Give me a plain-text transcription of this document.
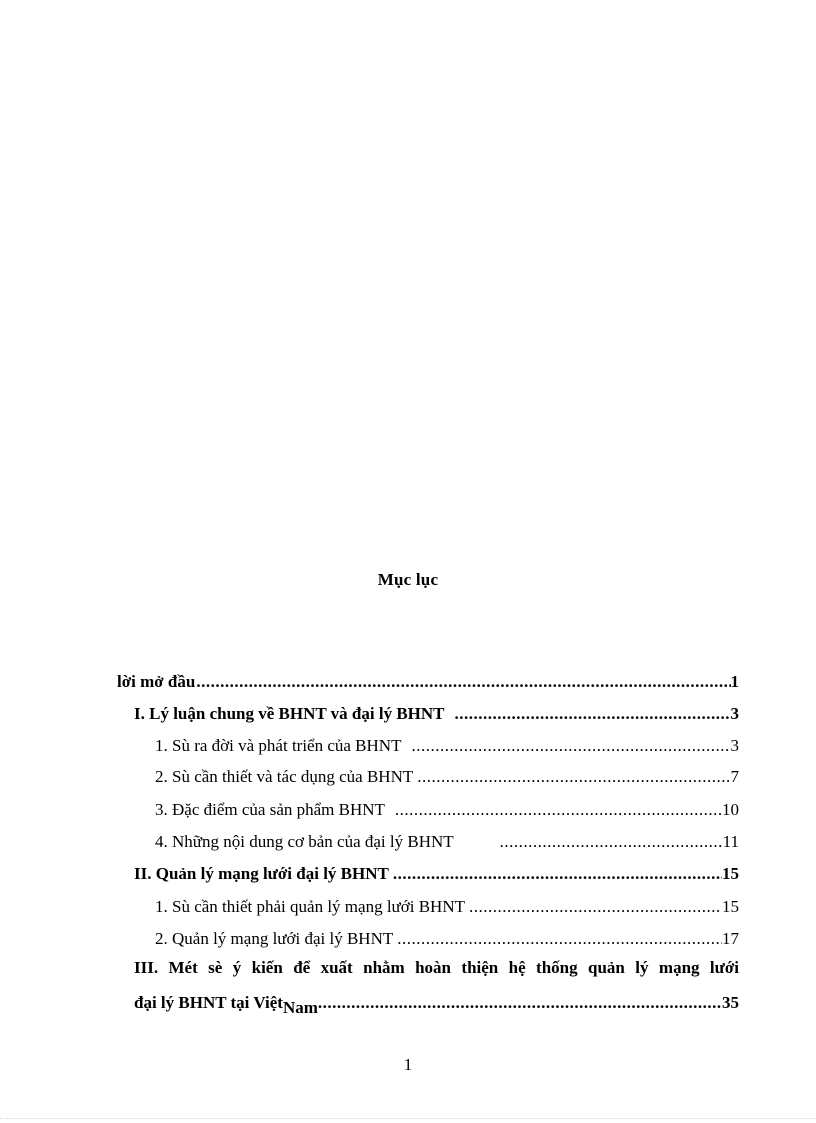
Mục lục
lời mở đầu .....	1
I. Lý luận chung về BHNT và đại lý BHNT .....	3
1. Sù ra đời và phát triển của BHNT .....	3
2. Sù cần thiết và tác dụng của BHNT .....	7
3. Đặc điểm của sản phẩm BHNT .....	10
4. Những nội dung cơ bản của đại lý BHNT .....	11
II. Quản lý mạng lưới đại lý BHNT .....	15
1. Sù cần thiết phải quản lý mạng lưới BHNT .....	15
2. Quản lý mạng lưới đại lý BHNT .....	17
III. Mét sè ý kiến để xuất nhằm hoàn thiện hệ thống quản lý mạng lưới
đại lý BHNT tại Việt Nam .....	35
1
